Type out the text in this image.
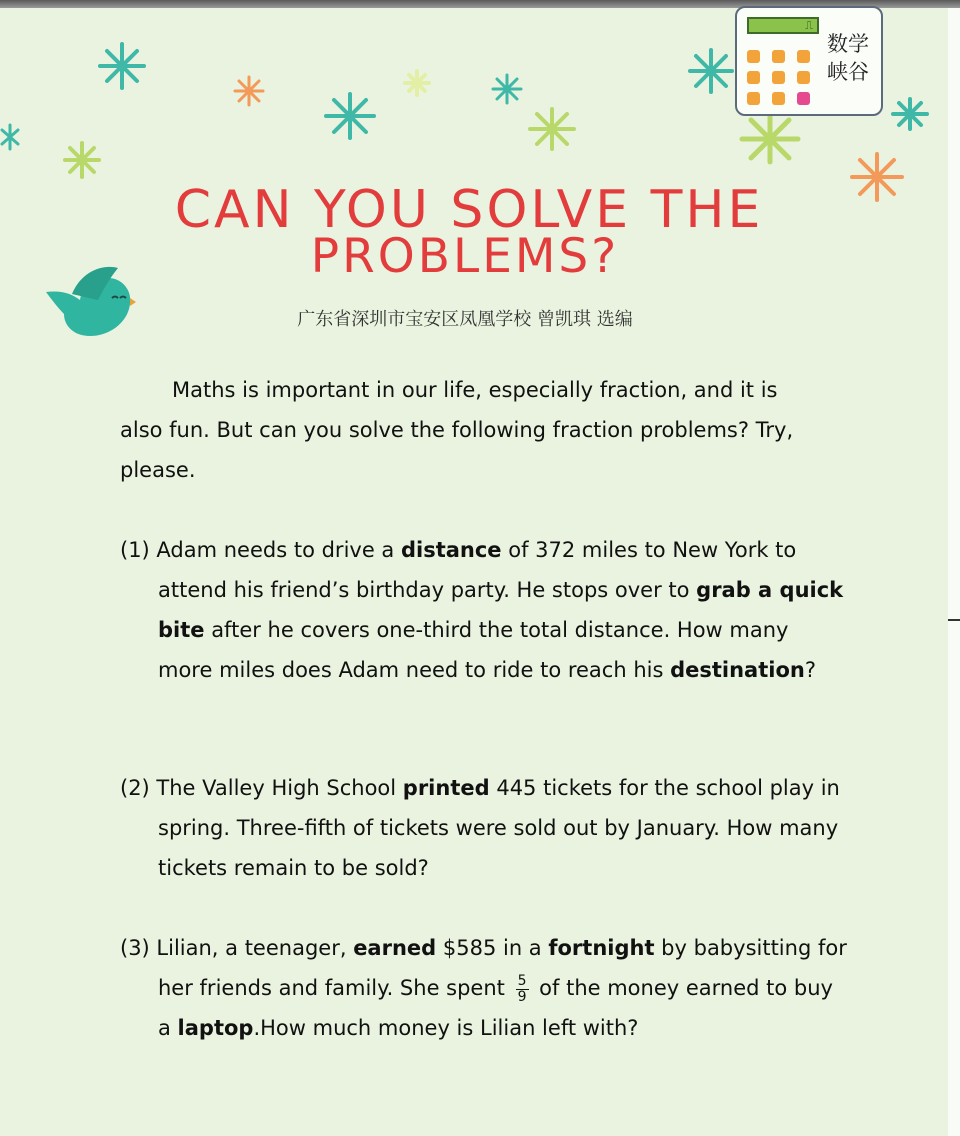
⎍
数学
峡谷
CAN YOU SOLVE THE
PROBLEMS?
广东省深圳市宝安区凤凰学校 曾凯琪 选编

Maths is important in our life, especially fraction, and it is also fun. But can you solve the following fraction problems? Try, please.

(1) Adam needs to drive a distance of 372 miles to New York to attend his friend’s birthday party. He stops over to grab a quick bite after he covers one-third the total distance. How many more miles does Adam need to ride to reach his destination?

(2) The Valley High School printed 445 tickets for the school play in spring. Three-fifth of tickets were sold out by January. How many tickets remain to be sold?

(3) Lilian, a teenager, earned $585 in a fortnight by babysitting for her friends and family. She spent $\frac{5}{9}$ of the money earned to buy a laptop.How much money is Lilian left with?
